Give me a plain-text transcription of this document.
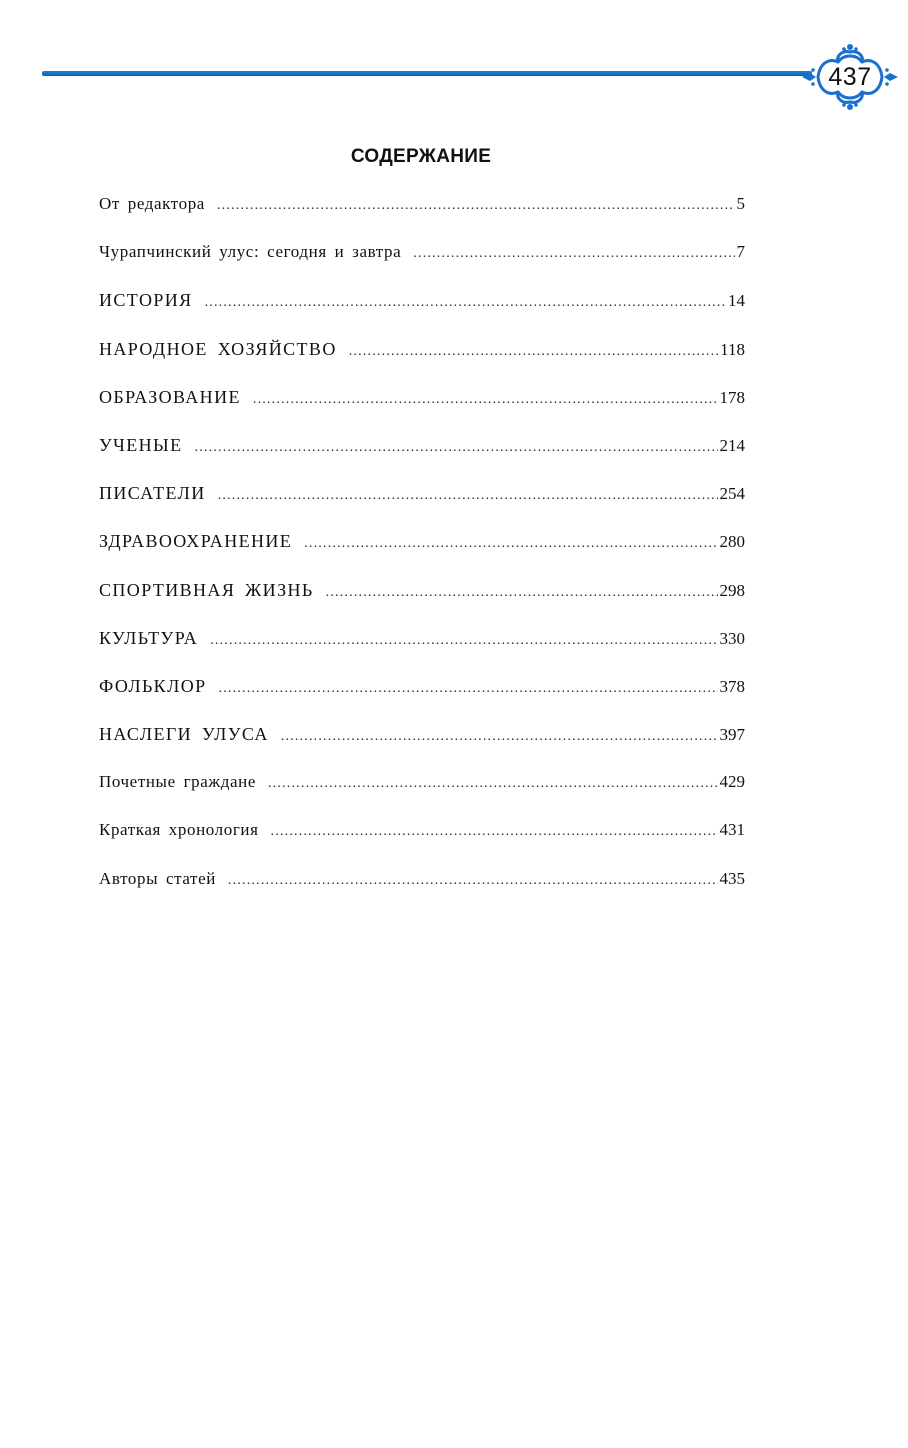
437
СОДЕРЖАНИЕ
От редактора .....	5
Чурапчинский улус: сегодня и завтра .....	7
ИСТОРИЯ .....	14
НАРОДНОЕ ХОЗЯЙСТВО .....	118
ОБРАЗОВАНИЕ .....	178
УЧЕНЫЕ .....	214
ПИСАТЕЛИ .....	254
ЗДРАВООХРАНЕНИЕ .....	280
СПОРТИВНАЯ ЖИЗНЬ .....	298
КУЛЬТУРА .....	330
ФОЛЬКЛОР .....	378
НАСЛЕГИ УЛУСА .....	397
Почетные граждане .....	429
Краткая хронология .....	431
Авторы статей .....	435
